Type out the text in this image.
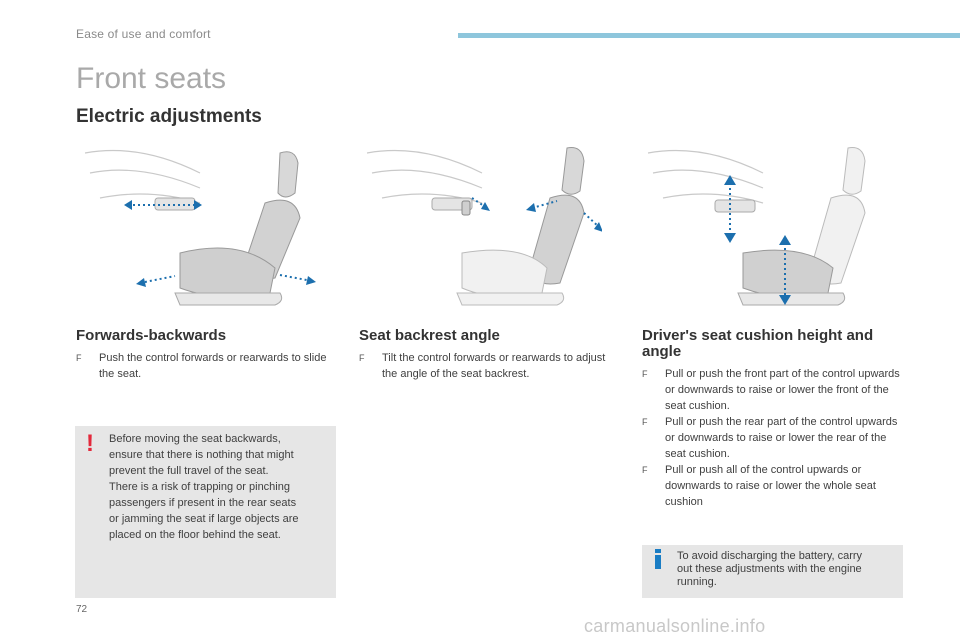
Ease of use and comfort
Front seats
Electric adjustments
Forwards-backwards
F	Push the control forwards or rearwards to slide the seat.
Seat backrest angle
F	Tilt the control forwards or rearwards to adjust the angle of the seat backrest.
Driver's seat cushion height and angle
F	Pull or push the front part of the control upwards or downwards to raise or lower the front of the seat cushion.
F	Pull or push the rear part of the control upwards or downwards to raise or lower the rear of the seat cushion.
F	Pull or push all of the control upwards or downwards to raise or lower the whole seat cushion
! Before moving the seat backwards,
ensure that there is nothing that might
prevent the full travel of the seat.
There is a risk of trapping or pinching
passengers if present in the rear seats
or jamming the seat if large objects are
placed on the floor behind the seat.
To avoid discharging the battery, carry
out these adjustments with the engine
running.
72
carmanualsonline.info
